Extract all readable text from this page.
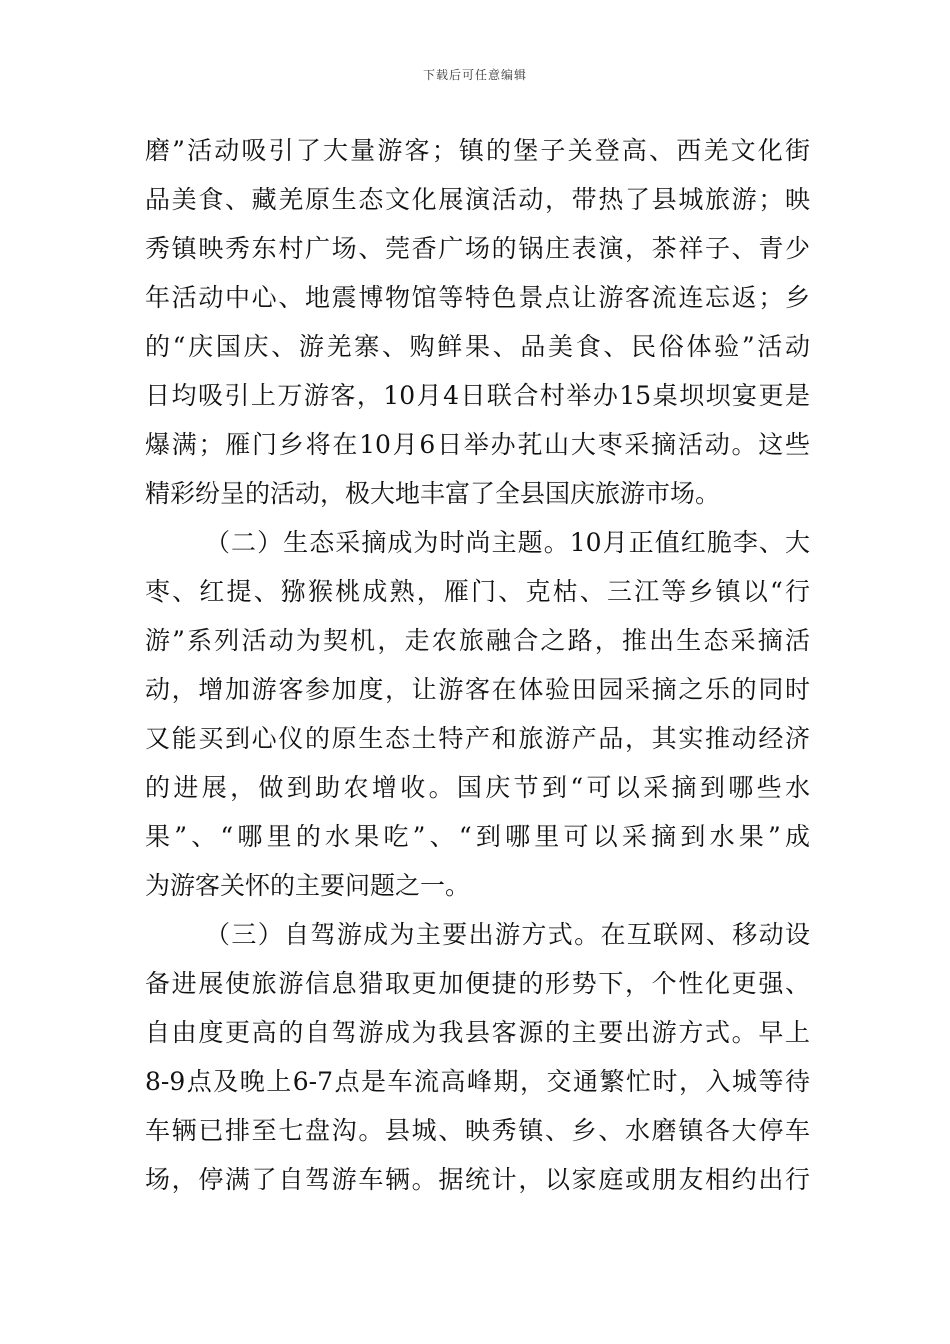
下载后可任意编辑
磨”活动吸引了大量游客；镇的堡子关登高、西羌文化街
品美食、藏羌原生态文化展演活动，带热了县城旅游；映
秀镇映秀东村广场、莞香广场的锅庄表演，茶祥子、青少
年活动中心、地震博物馆等特色景点让游客流连忘返；乡
的“庆国庆、游羌寨、购鲜果、品美食、民俗体验”活动
日均吸引上万游客，10月4日联合村举办15桌坝坝宴更是
爆满；雁门乡将在10月6日举办芤山大枣采摘活动。这些
精彩纷呈的活动，极大地丰富了全县国庆旅游市场。
（二）生态采摘成为时尚主题。10月正值红脆李、大
枣、红提、猕猴桃成熟，雁门、克枯、三江等乡镇以“行
游”系列活动为契机，走农旅融合之路，推出生态采摘活
动，增加游客参加度，让游客在体验田园采摘之乐的同时
又能买到心仪的原生态土特产和旅游产品，其实推动经济
的进展，做到助农增收。国庆节到“可以采摘到哪些水
果”、“哪里的水果吃”、“到哪里可以采摘到水果”成
为游客关怀的主要问题之一。
（三）自驾游成为主要出游方式。在互联网、移动设
备进展使旅游信息猎取更加便捷的形势下，个性化更强、
自由度更高的自驾游成为我县客源的主要出游方式。早上
8-9点及晚上6-7点是车流高峰期，交通繁忙时，入城等待
车辆已排至七盘沟。县城、映秀镇、乡、水磨镇各大停车
场，停满了自驾游车辆。据统计，以家庭或朋友相约出行
